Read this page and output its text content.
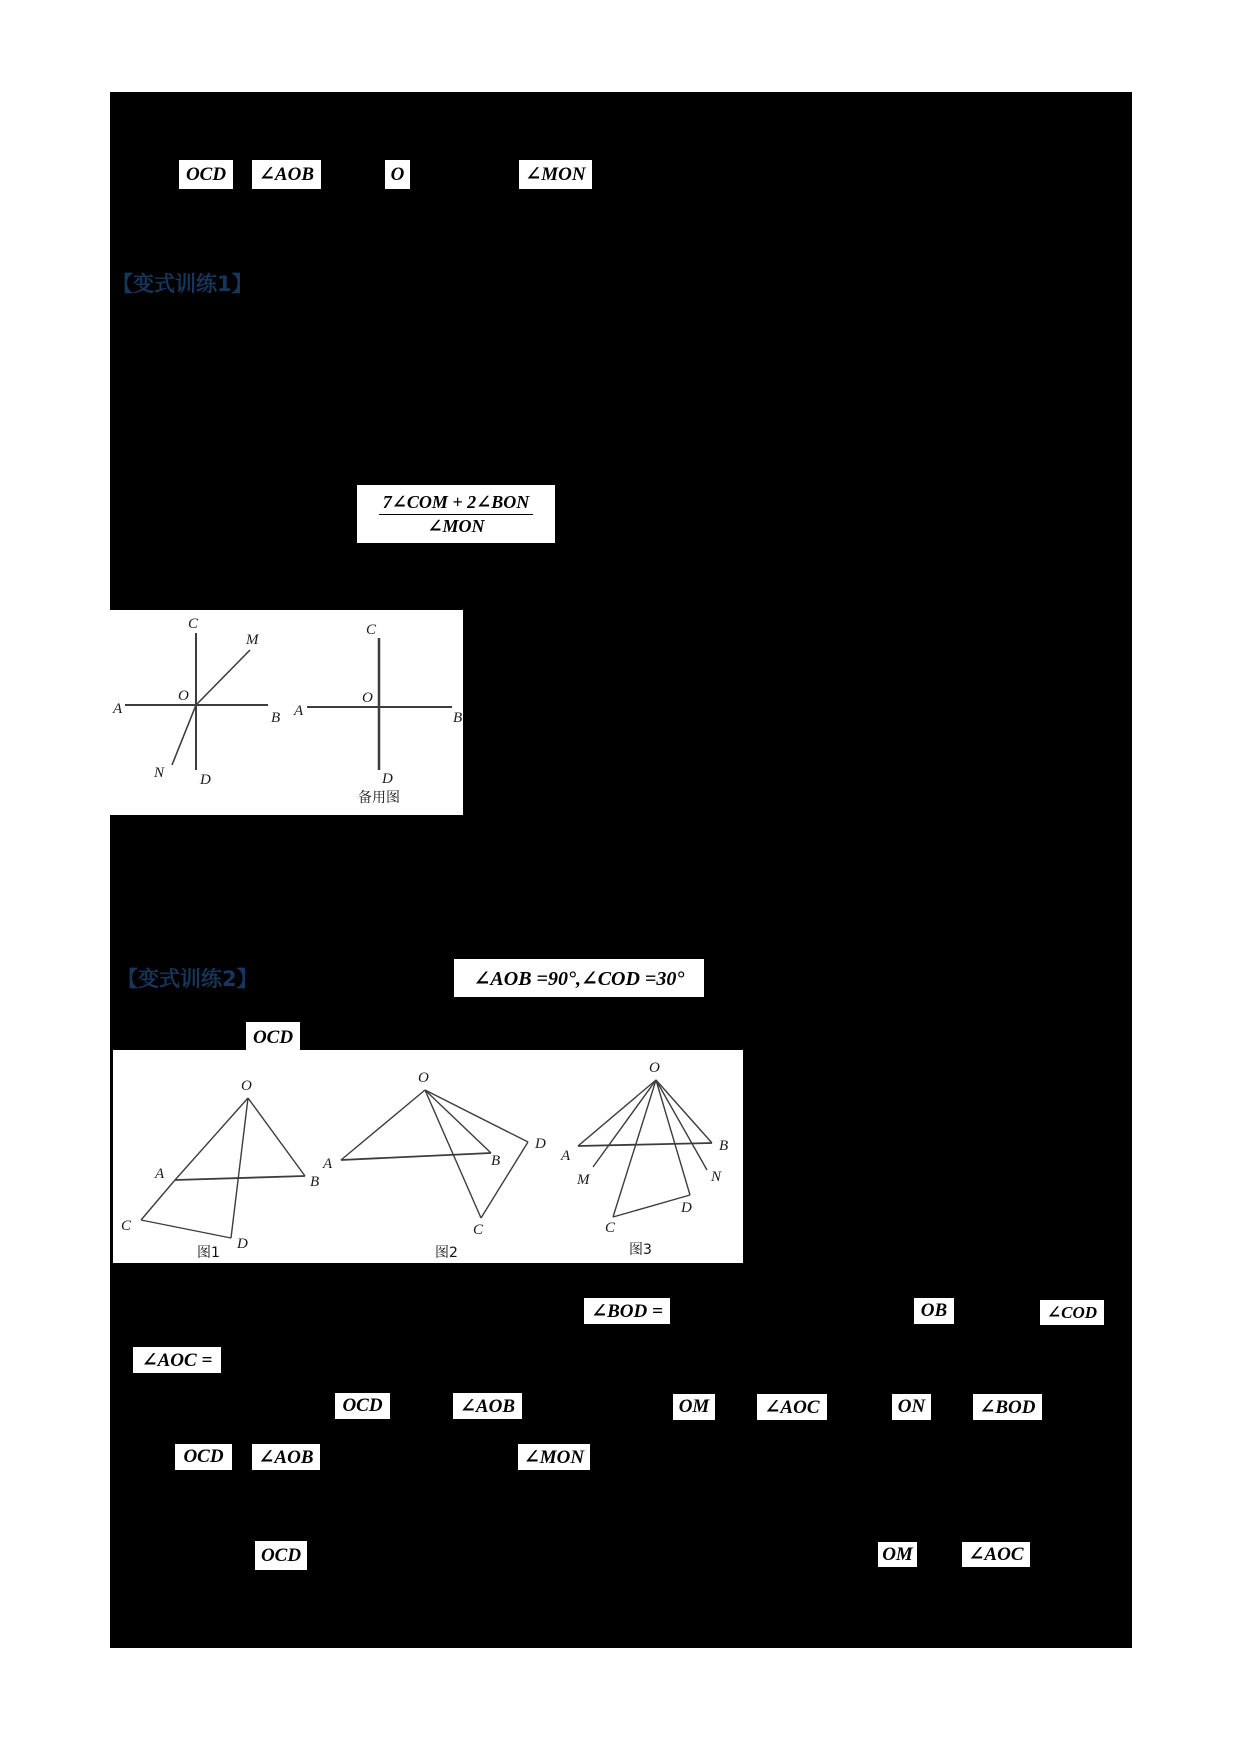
OCD	∠AOB	O	∠MON
【变式训练1】
7∠COM + 2∠BON
∠MON
C
M
O
A
B
N D
C
O
A	B
D
备用图
【变式训练2】	∠AOB =90°,∠COD =30°
OCD
O
A	B
C
D
图1
O
A	B
D
C
图2
O
A
B
M	N
C
D
图3
∠BOD =	OB	∠COD
∠AOC =
OCD	∠AOB	OM	∠AOC	ON	∠BOD
OCD	∠AOB	∠MON
OCD	OM	∠AOC
